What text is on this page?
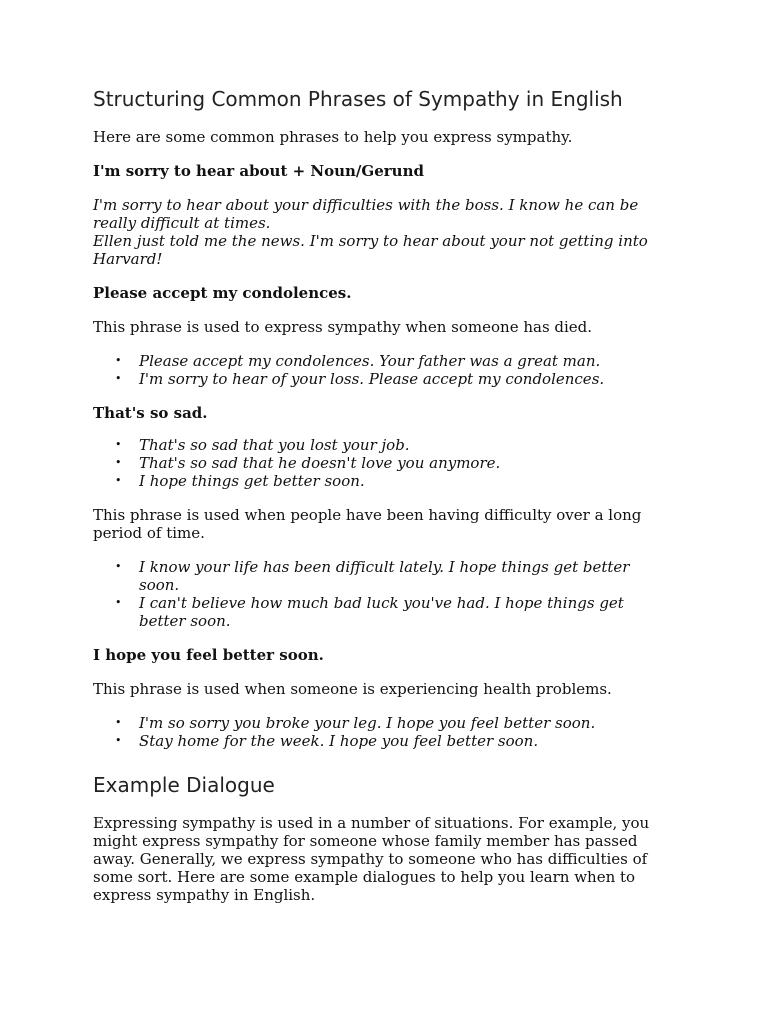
Structuring Common Phrases of Sympathy in English

Here are some common phrases to help you express sympathy.

I'm sorry to hear about + Noun/Gerund

I'm sorry to hear about your difficulties with the boss. I know he can be really difficult at times.

Ellen just told me the news. I'm sorry to hear about your not getting into Harvard!

Please accept my condolences.

This phrase is used to express sympathy when someone has died.

• Please accept my condolences. Your father was a great man.
• I'm sorry to hear of your loss. Please accept my condolences.

That's so sad.

• That's so sad that you lost your job.
• That's so sad that he doesn't love you anymore.
• I hope things get better soon.

This phrase is used when people have been having difficulty over a long period of time.

• I know your life has been difficult lately. I hope things get better soon.
• I can't believe how much bad luck you've had. I hope things get better soon.

I hope you feel better soon.

This phrase is used when someone is experiencing health problems.

• I'm so sorry you broke your leg. I hope you feel better soon.
• Stay home for the week. I hope you feel better soon.
Example Dialogue

Expressing sympathy is used in a number of situations. For example, you might express sympathy for someone whose family member has passed away. Generally, we express sympathy to someone who has difficulties of some sort. Here are some example dialogues to help you learn when to express sympathy in English.
